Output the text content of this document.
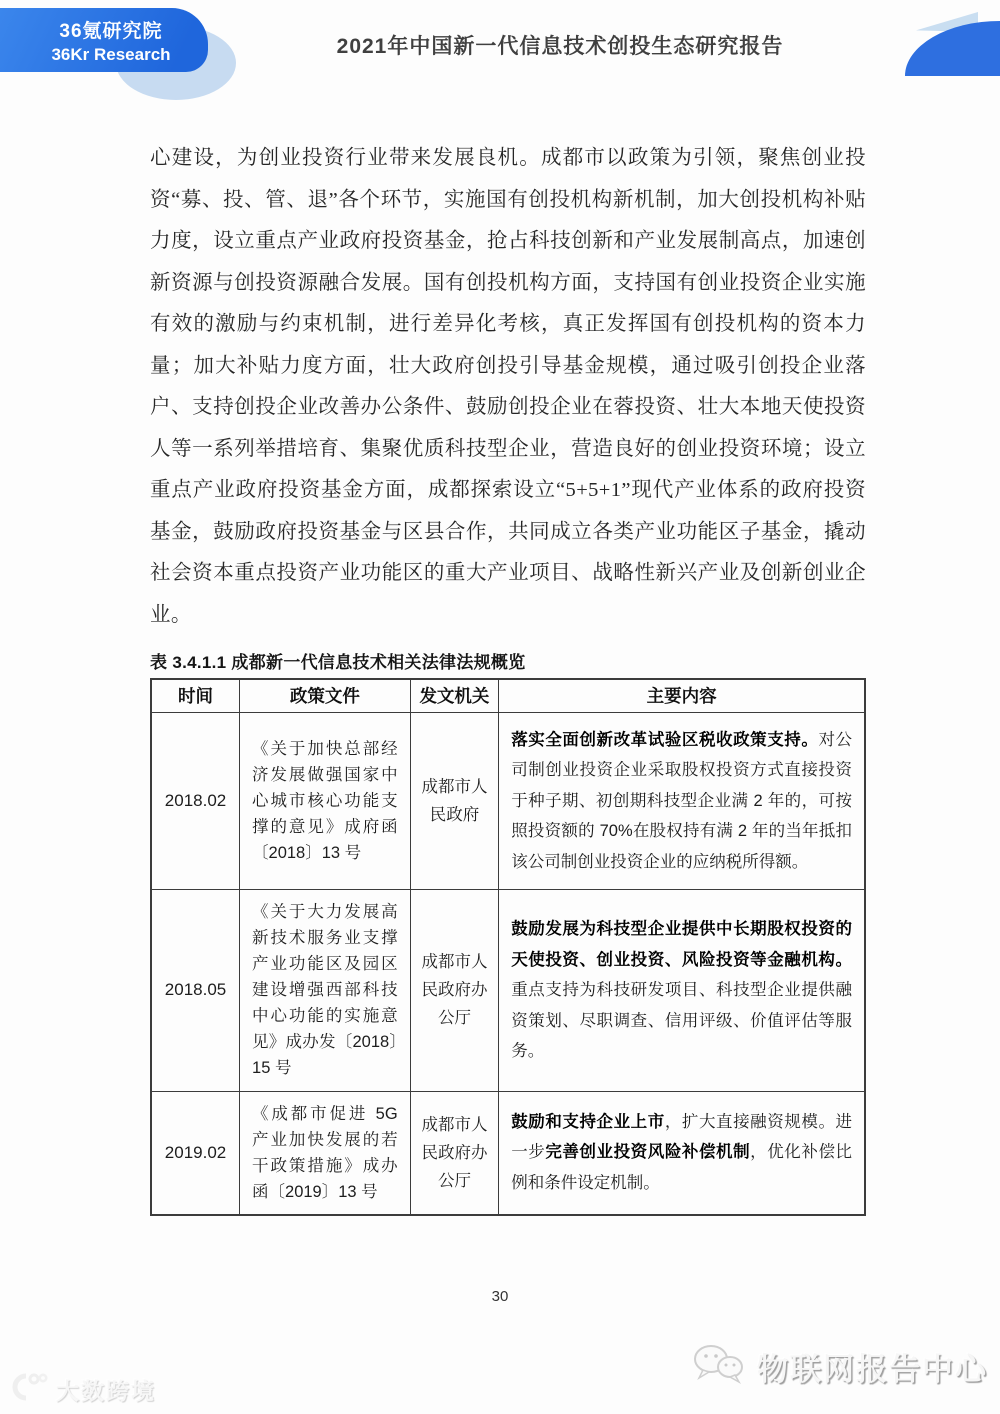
36氪研究院
36Kr Research	2021年中国新一代信息技术创投生态研究报告

心建设，为创业投资行业带来发展良机。成都市以政策为引领，聚焦创业投资“募、投、管、退”各个环节，实施国有创投机构新机制，加大创投机构补贴力度，设立重点产业政府投资基金，抢占科技创新和产业发展制高点，加速创新资源与创投资源融合发展。国有创投机构方面，支持国有创业投资企业实施有效的激励与约束机制，进行差异化考核，真正发挥国有创投机构的资本力量；加大补贴力度方面，壮大政府创投引导基金规模，通过吸引创投企业落户、支持创投企业改善办公条件、鼓励创投企业在蓉投资、壮大本地天使投资人等一系列举措培育、集聚优质科技型企业，营造良好的创业投资环境；设立重点产业政府投资基金方面，成都探索设立“5+5+1”现代产业体系的政府投资基金，鼓励政府投资基金与区县合作，共同成立各类产业功能区子基金，撬动社会资本重点投资产业功能区的重大产业项目、战略性新兴产业及创新创业企业。

表 3.4.1.1 成都新一代信息技术相关法律法规概览
时间	政策文件	发文机关	主要内容
2018.02	《关于加快总部经济发展做强国家中心城市核心功能支撑的意见》成府函〔2018〕13 号	成都市人民政府	落实全面创新改革试验区税收政策支持。对公司制创业投资企业采取股权投资方式直接投资于种子期、初创期科技型企业满 2 年的，可按照投资额的 70%在股权持有满 2 年的当年抵扣该公司制创业投资企业的应纳税所得额。
2018.05	《关于大力发展高新技术服务业支撑产业功能区及园区建设增强西部科技中心功能的实施意见》成办发〔2018〕15 号	成都市人民政府办公厅	鼓励发展为科技型企业提供中长期股权投资的天使投资、创业投资、风险投资等金融机构。重点支持为科技研发项目、科技型企业提供融资策划、尽职调查、信用评级、价值评估等服务。
2019.02	《成都市促进 5G 产业加快发展的若干政策措施》成办函〔2019〕13 号	成都市人民政府办公厅	鼓励和支持企业上市，扩大直接融资规模。进一步完善创业投资风险补偿机制，优化补偿比例和条件设定机制。
30
大数跨境
物联网报告中心
